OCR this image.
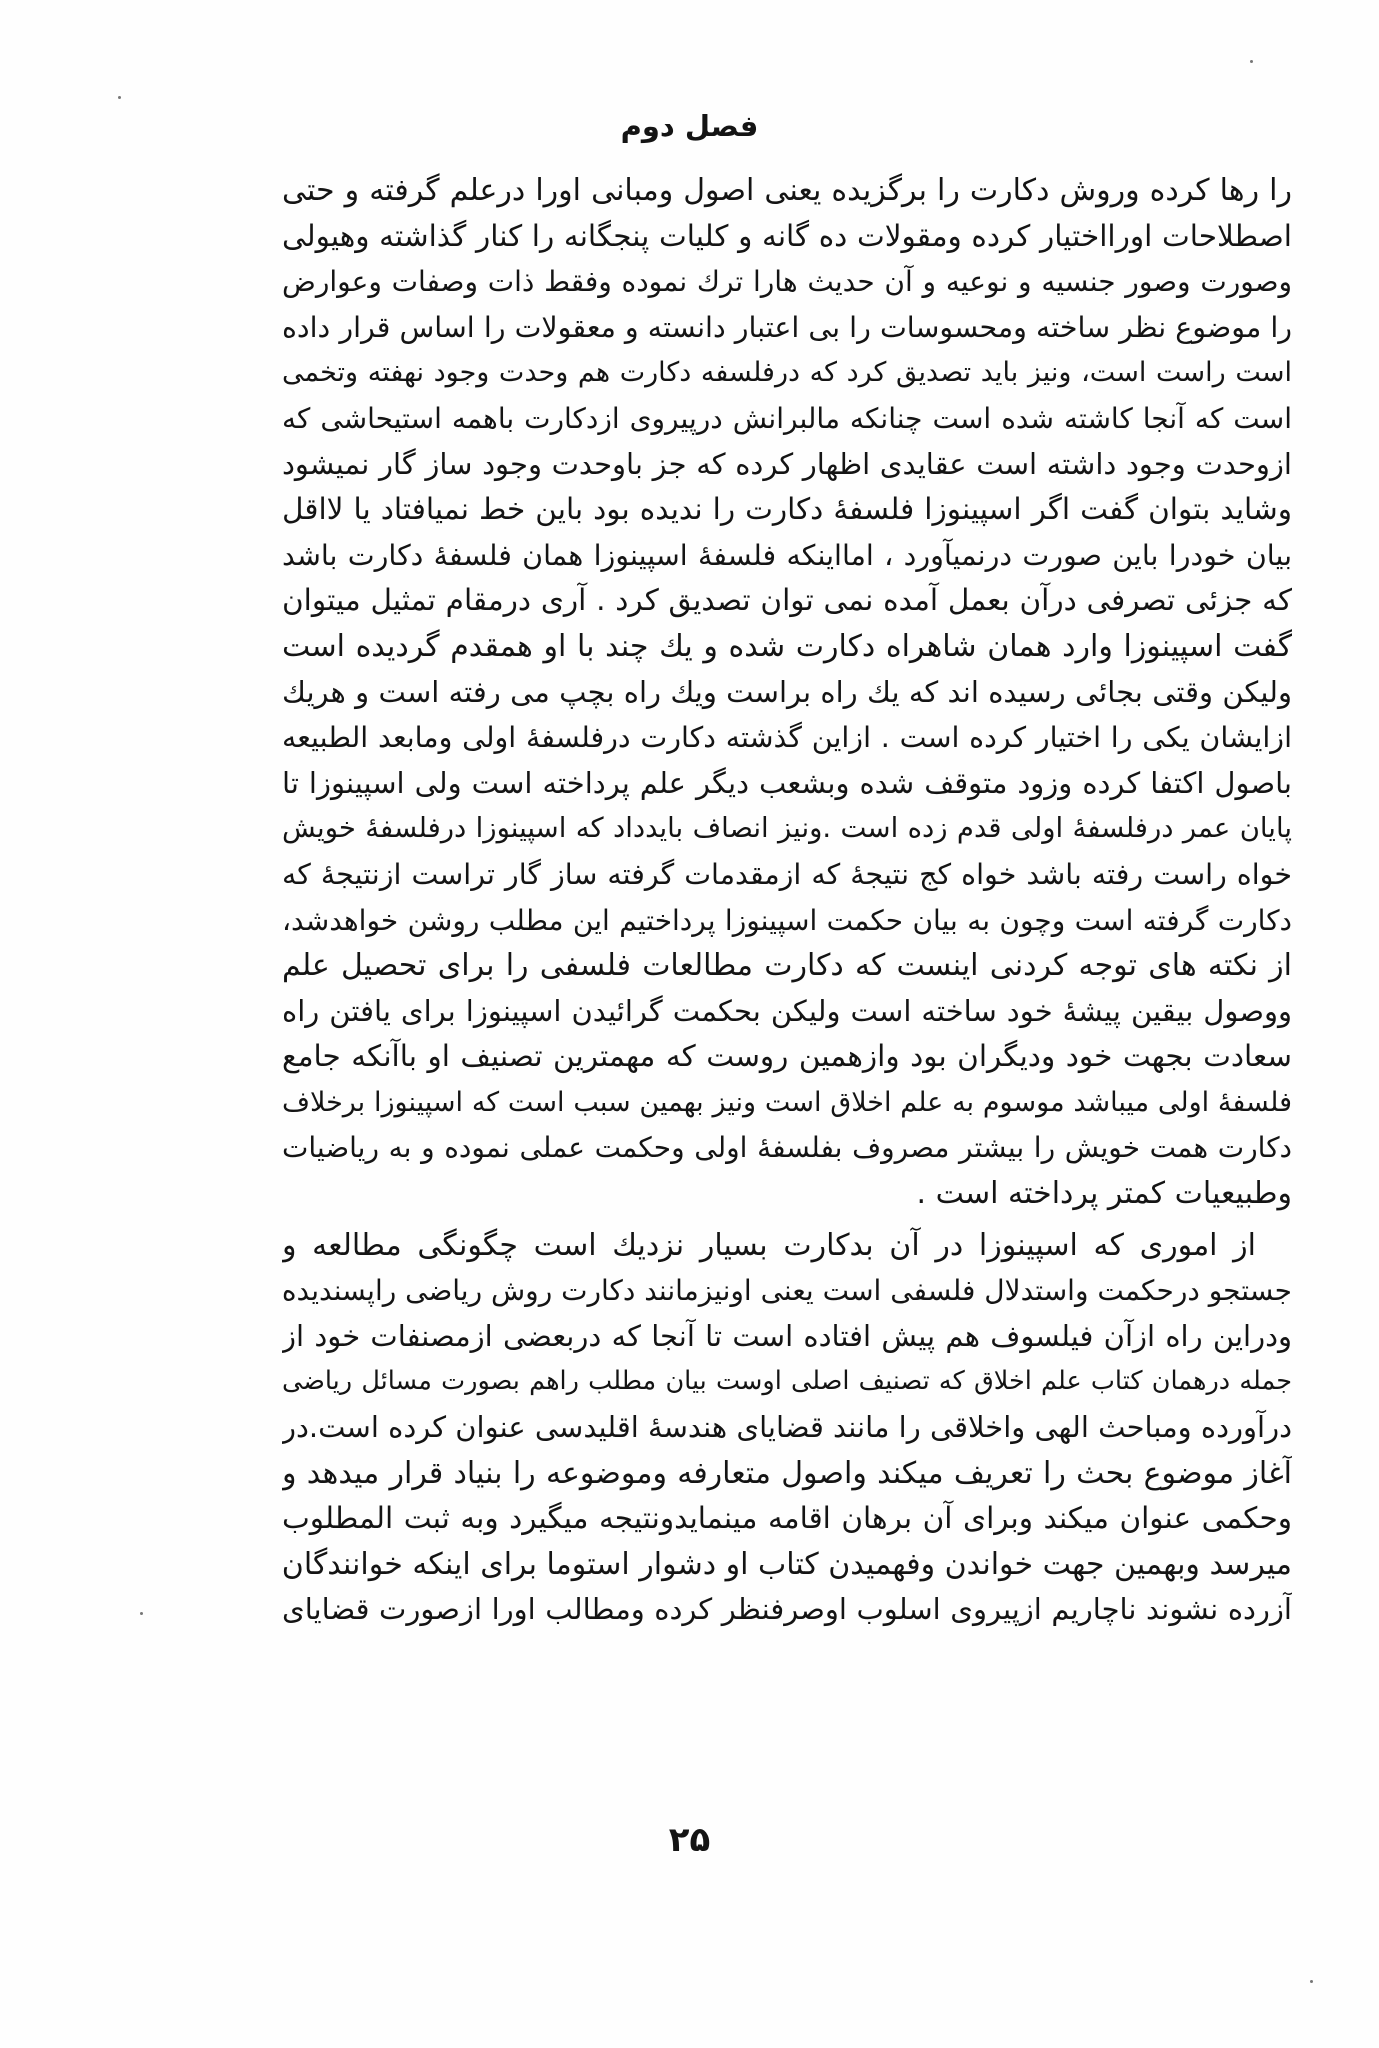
فصل دوم
را رها کرده وروش دکارت را برگزیده یعنی اصول ومبانی اورا درعلم گرفته و حتی
اصطلاحات اورااختیار کرده ومقولات ده گانه و کلیات پنجگانه را کنار گذاشته وهیولی
وصورت وصور جنسیه و نوعیه و آن حدیث هارا ترك نموده وفقط ذات وصفات وعوارض
را موضوع نظر ساخته ومحسوسات را بی اعتبار دانسته و معقولات را اساس قرار داده
است راست است، ونیز باید تصدیق کرد که درفلسفه دکارت هم وحدت وجود نهفته وتخمی
است که آنجا کاشته شده است چنانکه مالبرانش درپیروی ازدکارت باهمه استیحاشی که
ازوحدت وجود داشته است عقایدی اظهار کرده که جز باوحدت وجود ساز گار نمیشود
وشاید بتوان گفت اگر اسپینوزا فلسفهٔ دکارت را ندیده بود باین خط نمیافتاد یا لااقل
بیان خودرا باین صورت درنمیآورد ، امااینکه فلسفهٔ اسپینوزا همان فلسفهٔ دکارت باشد
که جزئی تصرفی درآن بعمل آمده نمی توان تصدیق کرد . آری درمقام تمثیل میتوان
گفت اسپینوزا وارد همان شاهراه دکارت شده و یك چند با او همقدم گردیده است
ولیکن وقتی بجائی رسیده اند که یك راه براست ویك راه بچپ می رفته است و هریك
ازایشان یکی را اختیار کرده است . ازاین گذشته دکارت درفلسفهٔ اولی ومابعد الطبیعه
باصول اکتفا کرده وزود متوقف شده وبشعب دیگر علم پرداخته است ولی اسپینوزا تا
پایان عمر درفلسفهٔ اولی قدم زده است .ونیز انصاف بایدداد که اسپینوزا درفلسفهٔ خویش
خواه راست رفته باشد خواه کج نتیجهٔ که ازمقدمات گرفته ساز گار تراست ازنتیجهٔ که
دکارت گرفته است وچون به بیان حکمت اسپینوزا پرداختیم این مطلب روشن خواهدشد،
از نکته های توجه کردنی اینست که دکارت مطالعات فلسفی را برای تحصیل علم
ووصول بیقین پیشهٔ خود ساخته است ولیکن بحکمت گرائیدن اسپینوزا برای یافتن راه
سعادت بجهت خود ودیگران بود وازهمین روست که مهمترین تصنیف او باآنکه جامع
فلسفهٔ اولی میباشد موسوم به علم اخلاق است ونیز بهمین سبب است که اسپینوزا برخلاف
دکارت همت خویش را بیشتر مصروف بفلسفهٔ اولی وحکمت عملی نموده و به ریاضیات
وطبیعیات کمتر پرداخته است .
از اموری که اسپینوزا در آن بدکارت بسیار نزدیك است چگونگی مطالعه و
جستجو درحکمت واستدلال فلسفی است یعنی اونیزمانند دکارت روش ریاضی راپسندیده
ودراین راه ازآن فیلسوف هم پیش افتاده است تا آنجا که دربعضی ازمصنفات خود از
جمله درهمان کتاب علم اخلاق که تصنیف اصلی اوست بیان مطلب راهم بصورت مسائل ریاضی
درآورده ومباحث الهی واخلاقی را مانند قضایای هندسهٔ اقلیدسی عنوان کرده است.در
آغاز موضوع بحث را تعریف میکند واصول متعارفه وموضوعه را بنیاد قرار میدهد و
وحکمی عنوان میکند وبرای آن برهان اقامه مینمایدونتیجه میگیرد وبه ثبت المطلوب
میرسد وبهمین جهت خواندن وفهمیدن کتاب او دشوار استوما برای اینکه خوانندگان
آزرده نشوند ناچاریم ازپیروی اسلوب اوصرفنظر کرده ومطالب اورا ازصورت قضایای
۲۵
